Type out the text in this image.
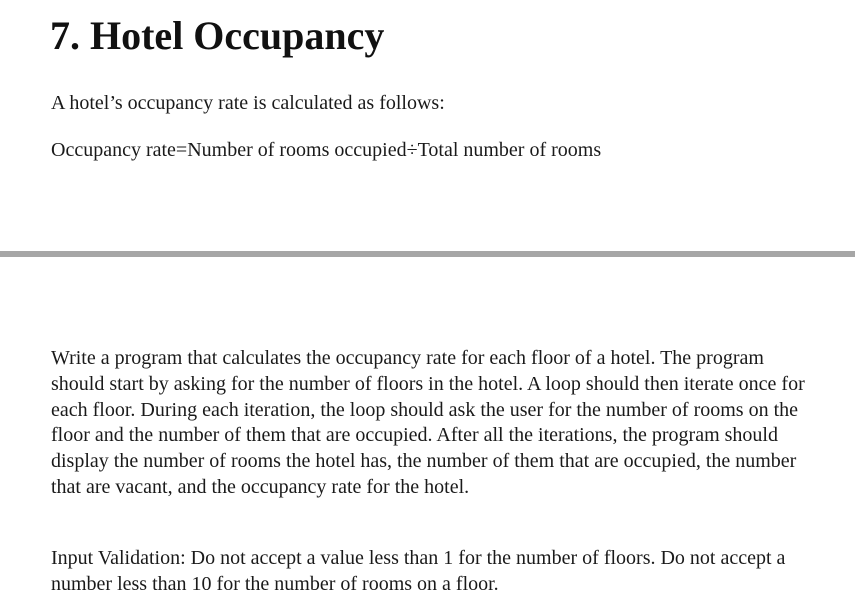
7. Hotel Occupancy

A hotel’s occupancy rate is calculated as follows:

Occupancy rate=Number of rooms occupied÷Total number of rooms

Write a program that calculates the occupancy rate for each floor of a hotel. The program should start by asking for the number of floors in the hotel. A loop should then iterate once for each floor. During each iteration, the loop should ask the user for the number of rooms on the floor and the number of them that are occupied. After all the iterations, the program should display the number of rooms the hotel has, the number of them that are occupied, the number that are vacant, and the occupancy rate for the hotel.

Input Validation: Do not accept a value less than 1 for the number of floors. Do not accept a number less than 10 for the number of rooms on a floor.
